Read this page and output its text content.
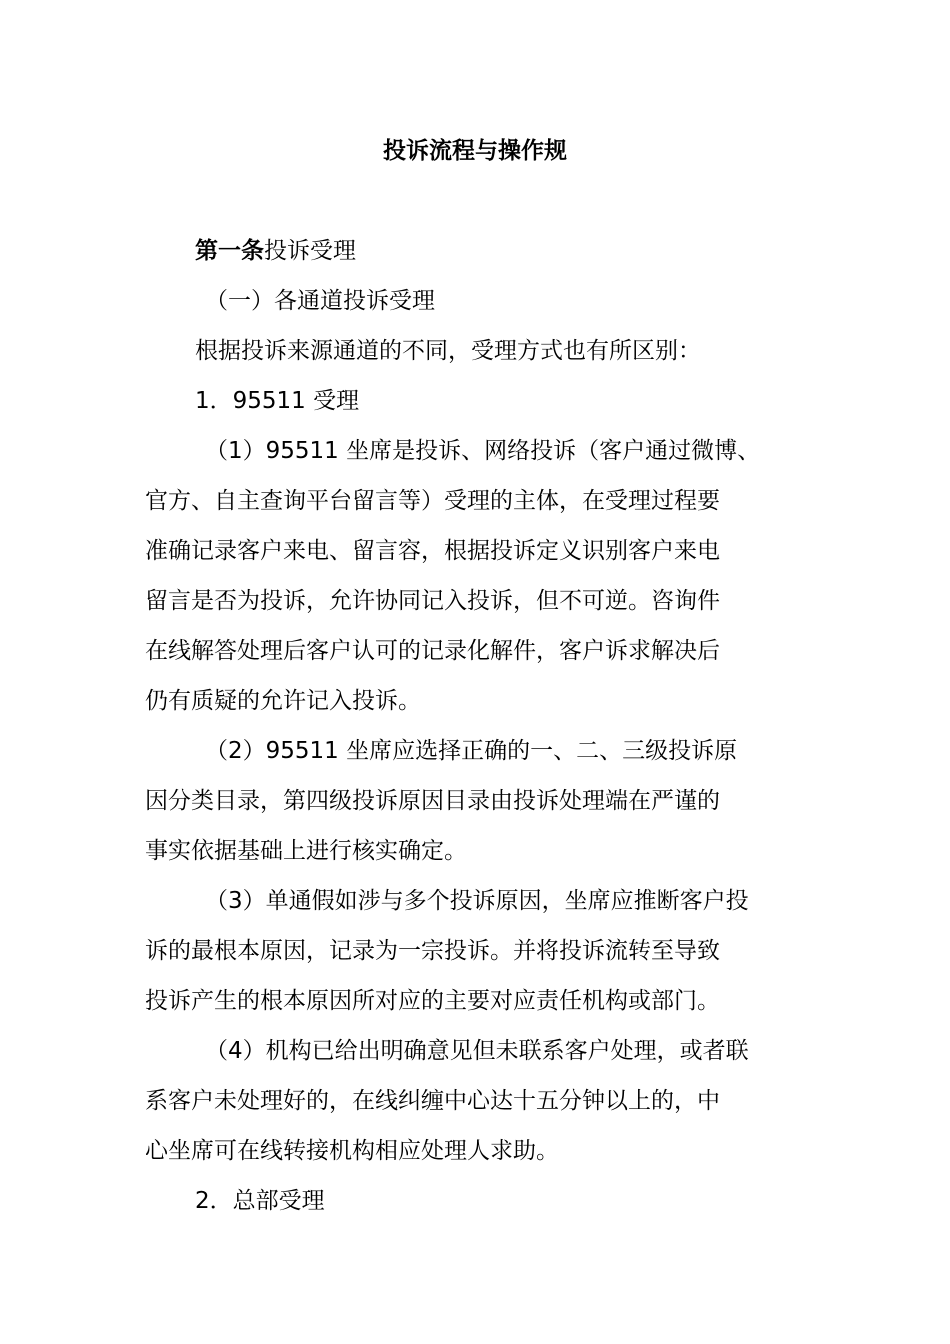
投诉流程与操作规
第一条投诉受理
（一）各通道投诉受理
根据投诉来源通道的不同，受理方式也有所区别：
1．95511 受理
（1）95511 坐席是投诉、网络投诉（客户通过微博、
官方、自主查询平台留言等）受理的主体，在受理过程要
准确记录客户来电、留言容，根据投诉定义识别客户来电
留言是否为投诉，允许协同记入投诉，但不可逆。咨询件
在线解答处理后客户认可的记录化解件，客户诉求解决后
仍有质疑的允许记入投诉。
（2）95511 坐席应选择正确的一、二、三级投诉原
因分类目录，第四级投诉原因目录由投诉处理端在严谨的
事实依据基础上进行核实确定。
（3）单通假如涉与多个投诉原因，坐席应推断客户投
诉的最根本原因，记录为一宗投诉。并将投诉流转至导致
投诉产生的根本原因所对应的主要对应责任机构或部门。
（4）机构已给出明确意见但未联系客户处理，或者联
系客户未处理好的，在线纠缠中心达十五分钟以上的，中
心坐席可在线转接机构相应处理人求助。
2．总部受理
